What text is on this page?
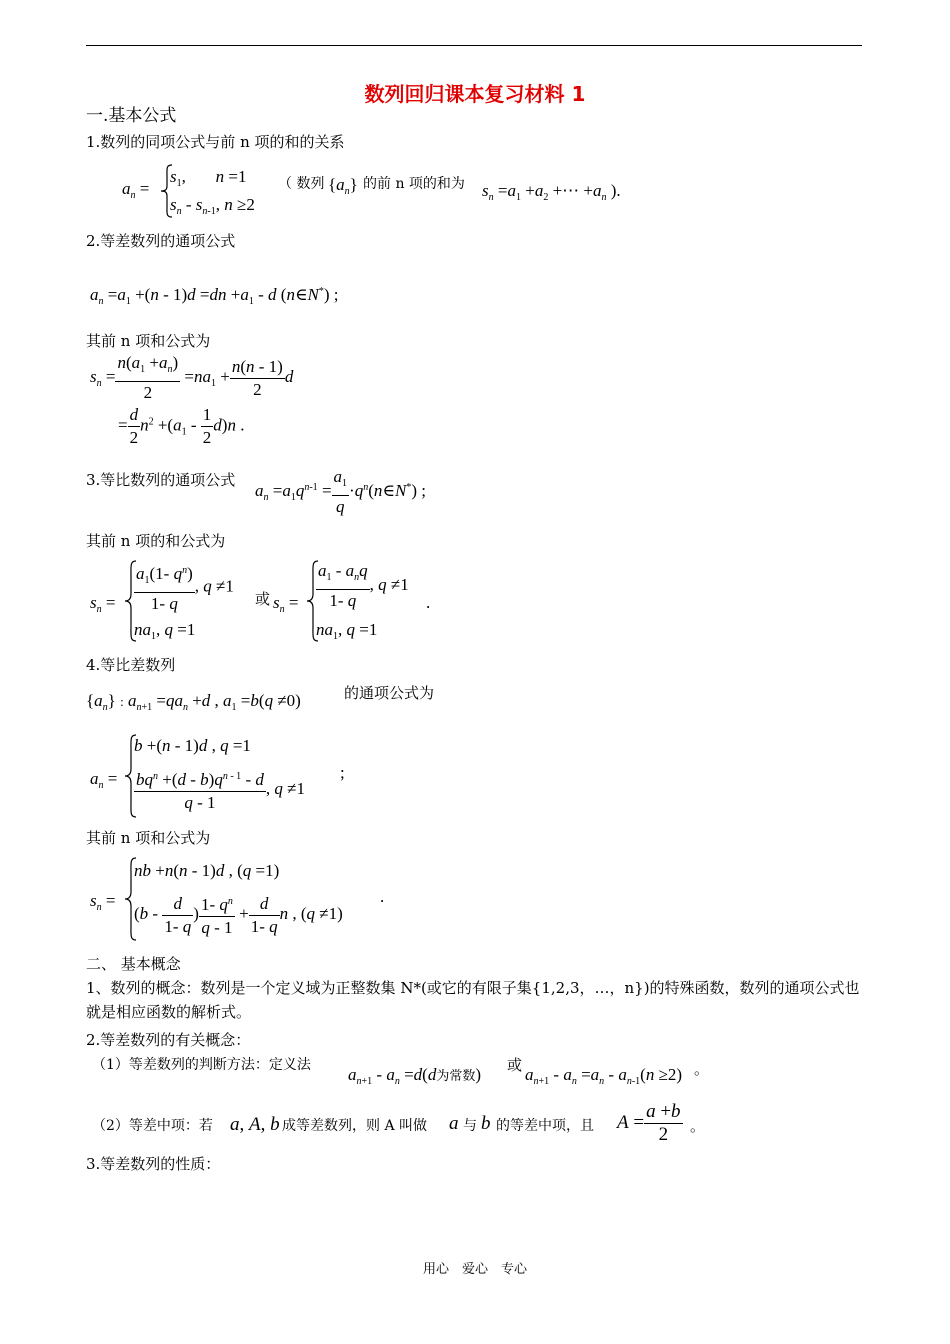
数列回归课本复习材料 1
一.基本公式
1.数列的同项公式与前 n 项的和的关系
$a_n$ =
$s_1$,       n =1
$s_n - s_{n-1}$, n ≥2
（ 数列 $\{a_n\}$ 的前 n 项的和为 $s_n =a_1 +a_2$ +⋯ $+a_n$ ).
2.等差数列的通项公式
$a_n =a_1 +(n - 1)d =dn +a_1 - d$ (n∈N*) ;
其前 n 项和公式为
$s_n = \frac{n(a_1 +a_n)}{2} =na_1 + \frac{n(n - 1)}{2}$ d
= $\frac{d}{2} n^2 +(a_1 - \frac{1}{2} d)n$ .
3.等比数列的通项公式
$a_n =a_1q^{n-1} = \frac{a_1}{q}$ $\cdot q^n(n\in N^*)$ ;
其前 n 项的和公式为
$s_n = \frac{a_1(1- q^n)}{1- q}$ , q ≠1
$na_1$, q =1
或 $s_n = \frac{a_1 - a_nq}{1- q}$ , q ≠1
$na_1$, q =1
.
4.等比差数列
$\{a_n\}$ : $a_{n+1} =qa_n +d$ , $a_1 =b(q \ne 0)$	的通项公式为
$a_n$ =
b +(n - 1)d , q =1
$\frac{bq^n +(d - b)q^{n - 1} - d}{q - 1}$ , q ≠1
;
其前 n 项和公式为
$s_n$ =
nb +n(n - 1)d , (q =1)
($b - \frac{d}{1- q}$ ) $\frac{1- q^n}{q - 1} + \frac{d}{1- q}$ n , (q ≠1)
.
二、 基本概念
1、数列的概念：数列是一个定义域为正整数集 N*(或它的有限子集{1,2,3，…，n})的特殊函数，数列的通项公式也就是相应函数的解析式。
2.等差数列的有关概念：
（1）等差数列的判断方法：定义法 $a_{n+1} - a_n =d(d$为常数) 或 $a_{n+1} - a_n =a_n - a_{n-1}(n \ge 2)$ 。
（2）等差中项：若 a, A, b 成等差数列，则 A 叫做 a 与 b 的等差中项，且 $A = \frac{a +b}{2}$ 。
3.等差数列的性质：
用心　爱心　专心
